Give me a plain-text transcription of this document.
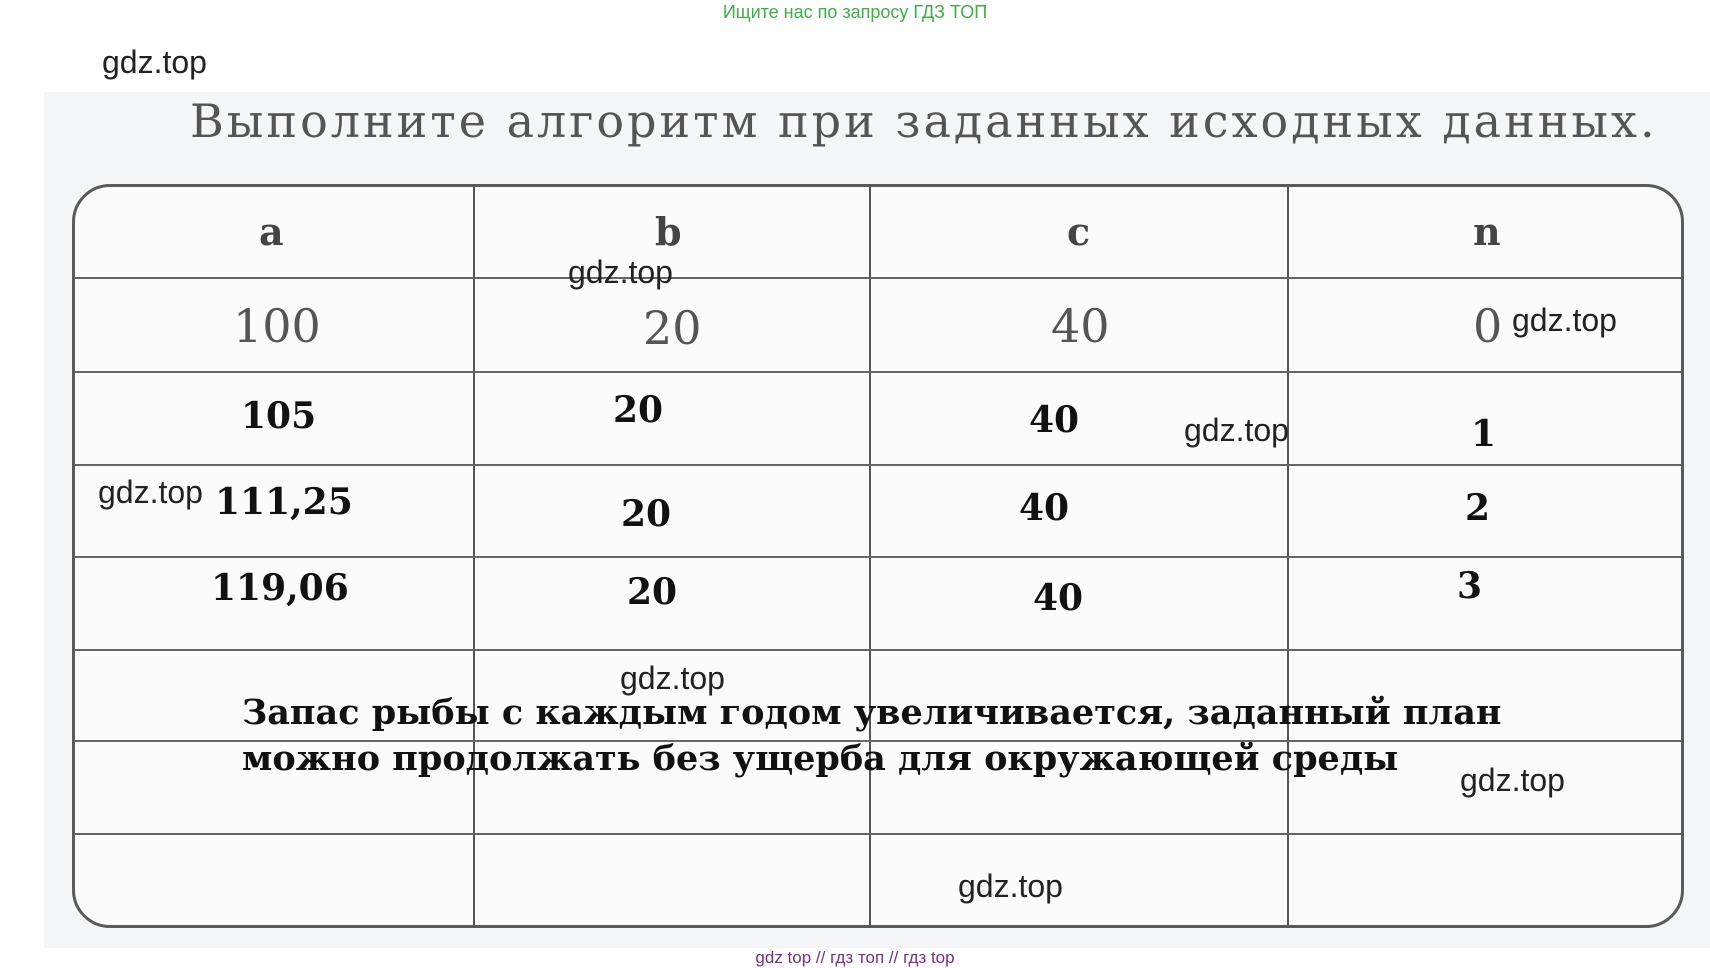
Ищите нас по запросу ГДЗ ТОП
Выполните алгоритм при заданных исходных данных.
a	b	c	n
100	20	40	0
105	20	40	1
111,25	20	40	2
119,06	20	40	3
Запас рыбы с каждым годом увеличивается, заданный план
можно продолжать без ущерба для окружающей среды
gdz.top
gdz.top
gdz.top
gdz.top
gdz.top
gdz.top
gdz.top
gdz.top
gdz top // гдз топ // гдз top
